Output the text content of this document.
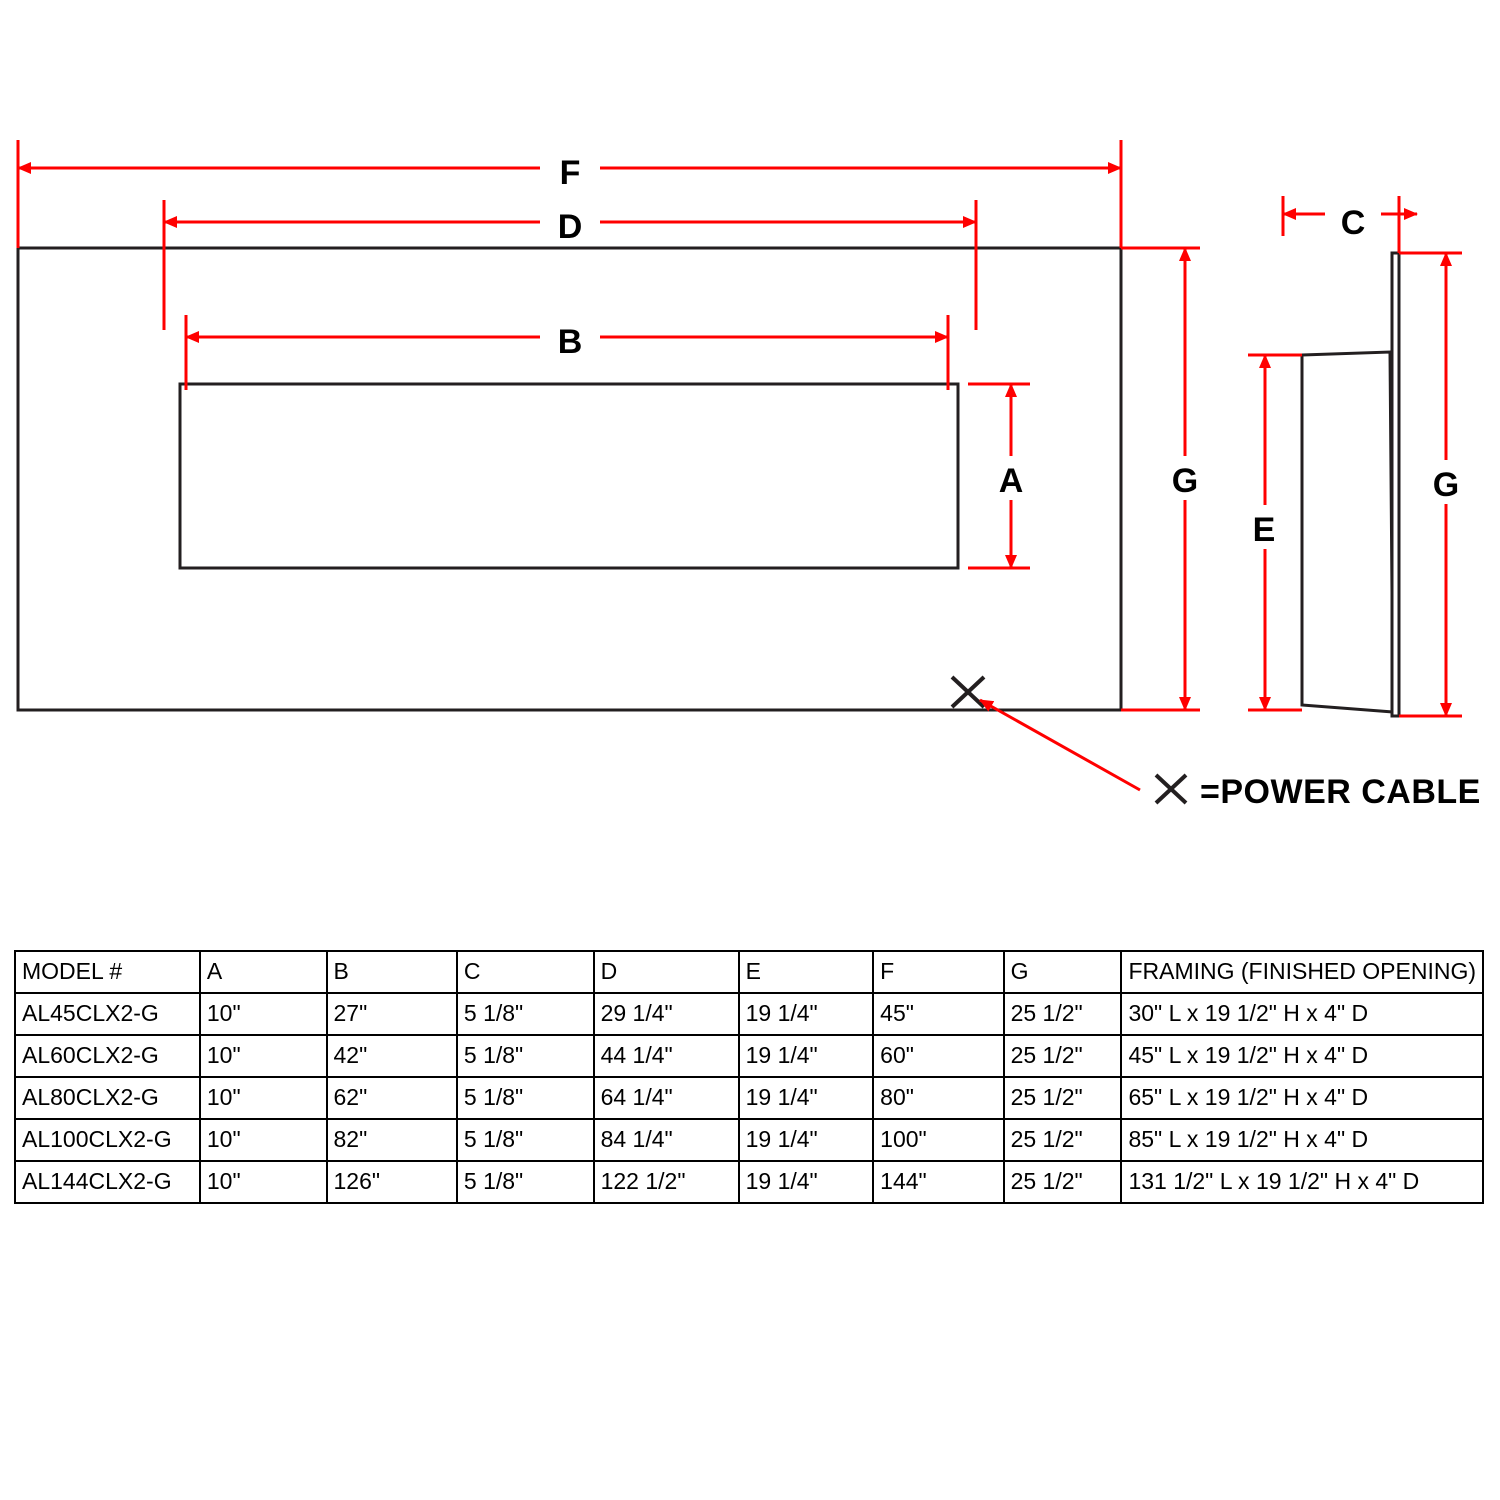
F
D
B
A	G
C
E
G
=POWER CABLE
MODEL #	A	B	C	D	E	F	G	FRAMING (FINISHED OPENING)
AL45CLX2-G	10"	27"	5 1/8"	29 1/4"	19 1/4"	45"	25 1/2"	30" L x 19 1/2" H x 4" D
AL60CLX2-G	10"	42"	5 1/8"	44 1/4"	19 1/4"	60"	25 1/2"	45" L x 19 1/2" H x 4" D
AL80CLX2-G	10"	62"	5 1/8"	64 1/4"	19 1/4"	80"	25 1/2"	65" L x 19 1/2" H x 4" D
AL100CLX2-G	10"	82"	5 1/8"	84 1/4"	19 1/4"	100"	25 1/2"	85" L x 19 1/2" H x 4" D
AL144CLX2-G	10"	126"	5 1/8"	122 1/2"	19 1/4"	144"	25 1/2"	131 1/2" L x 19 1/2" H x 4" D
